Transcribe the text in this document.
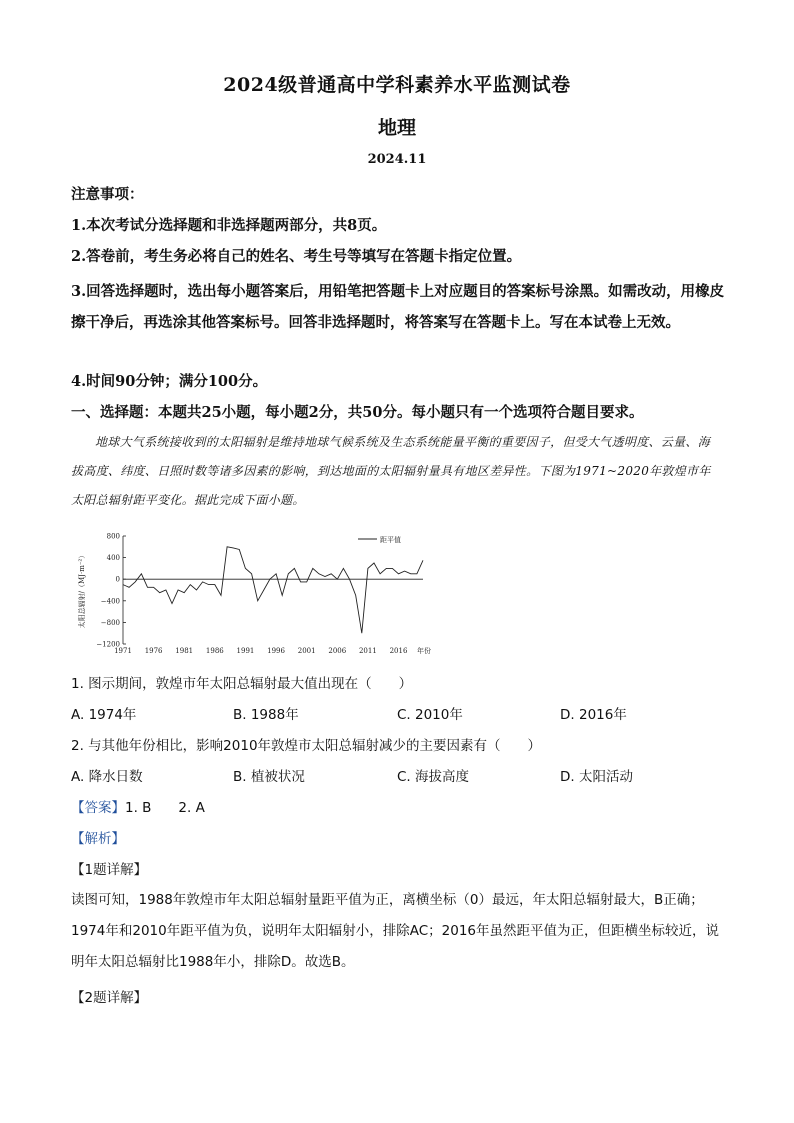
2024级普通高中学科素养水平监测试卷
地理
2024.11
注意事项：
1.本次考试分选择题和非选择题两部分，共8页。
2.答卷前，考生务必将自己的姓名、考生号等填写在答题卡指定位置。
3.回答选择题时，选出每小题答案后，用铅笔把答题卡上对应题目的答案标号涂黑。如需改动，用橡皮擦干净后，再选涂其他答案标号。回答非选择题时，将答案写在答题卡上。写在本试卷上无效。
4.时间90分钟；满分100分。
一、选择题：本题共25小题，每小题2分，共50分。每小题只有一个选项符合题目要求。
地球大气系统接收到的太阳辐射是维持地球气候系统及生态系统能量平衡的重要因子，但受大气透明度、云量、海拔高度、纬度、日照时数等诸多因素的影响，到达地面的太阳辐射量具有地区差异性。下图为1971~2020年敦煌市年太阳总辐射距平变化。据此完成下面小题。
800
400
0
−400
−800
−1200
1971 1976 1981 1986 1991 1996 2001 2006 2011 2016 年份
太阳总辐射/（MJ·m⁻²）
距平值
1. 图示期间，敦煌市年太阳总辐射最大值出现在（　　）
A. 1974年	B. 1988年	C. 2010年	D. 2016年
2. 与其他年份相比，影响2010年敦煌市太阳总辐射减少的主要因素有（　　）
A. 降水日数	B. 植被状况	C. 海拔高度	D. 太阳活动
【答案】1. B　　2. A
【解析】
【1题详解】
读图可知，1988年敦煌市年太阳总辐射量距平值为正，离横坐标（0）最远，年太阳总辐射最大，B正确；1974年和2010年距平值为负，说明年太阳辐射小，排除AC；2016年虽然距平值为正，但距横坐标较近，说明年太阳总辐射比1988年小，排除D。故选B。
【2题详解】
